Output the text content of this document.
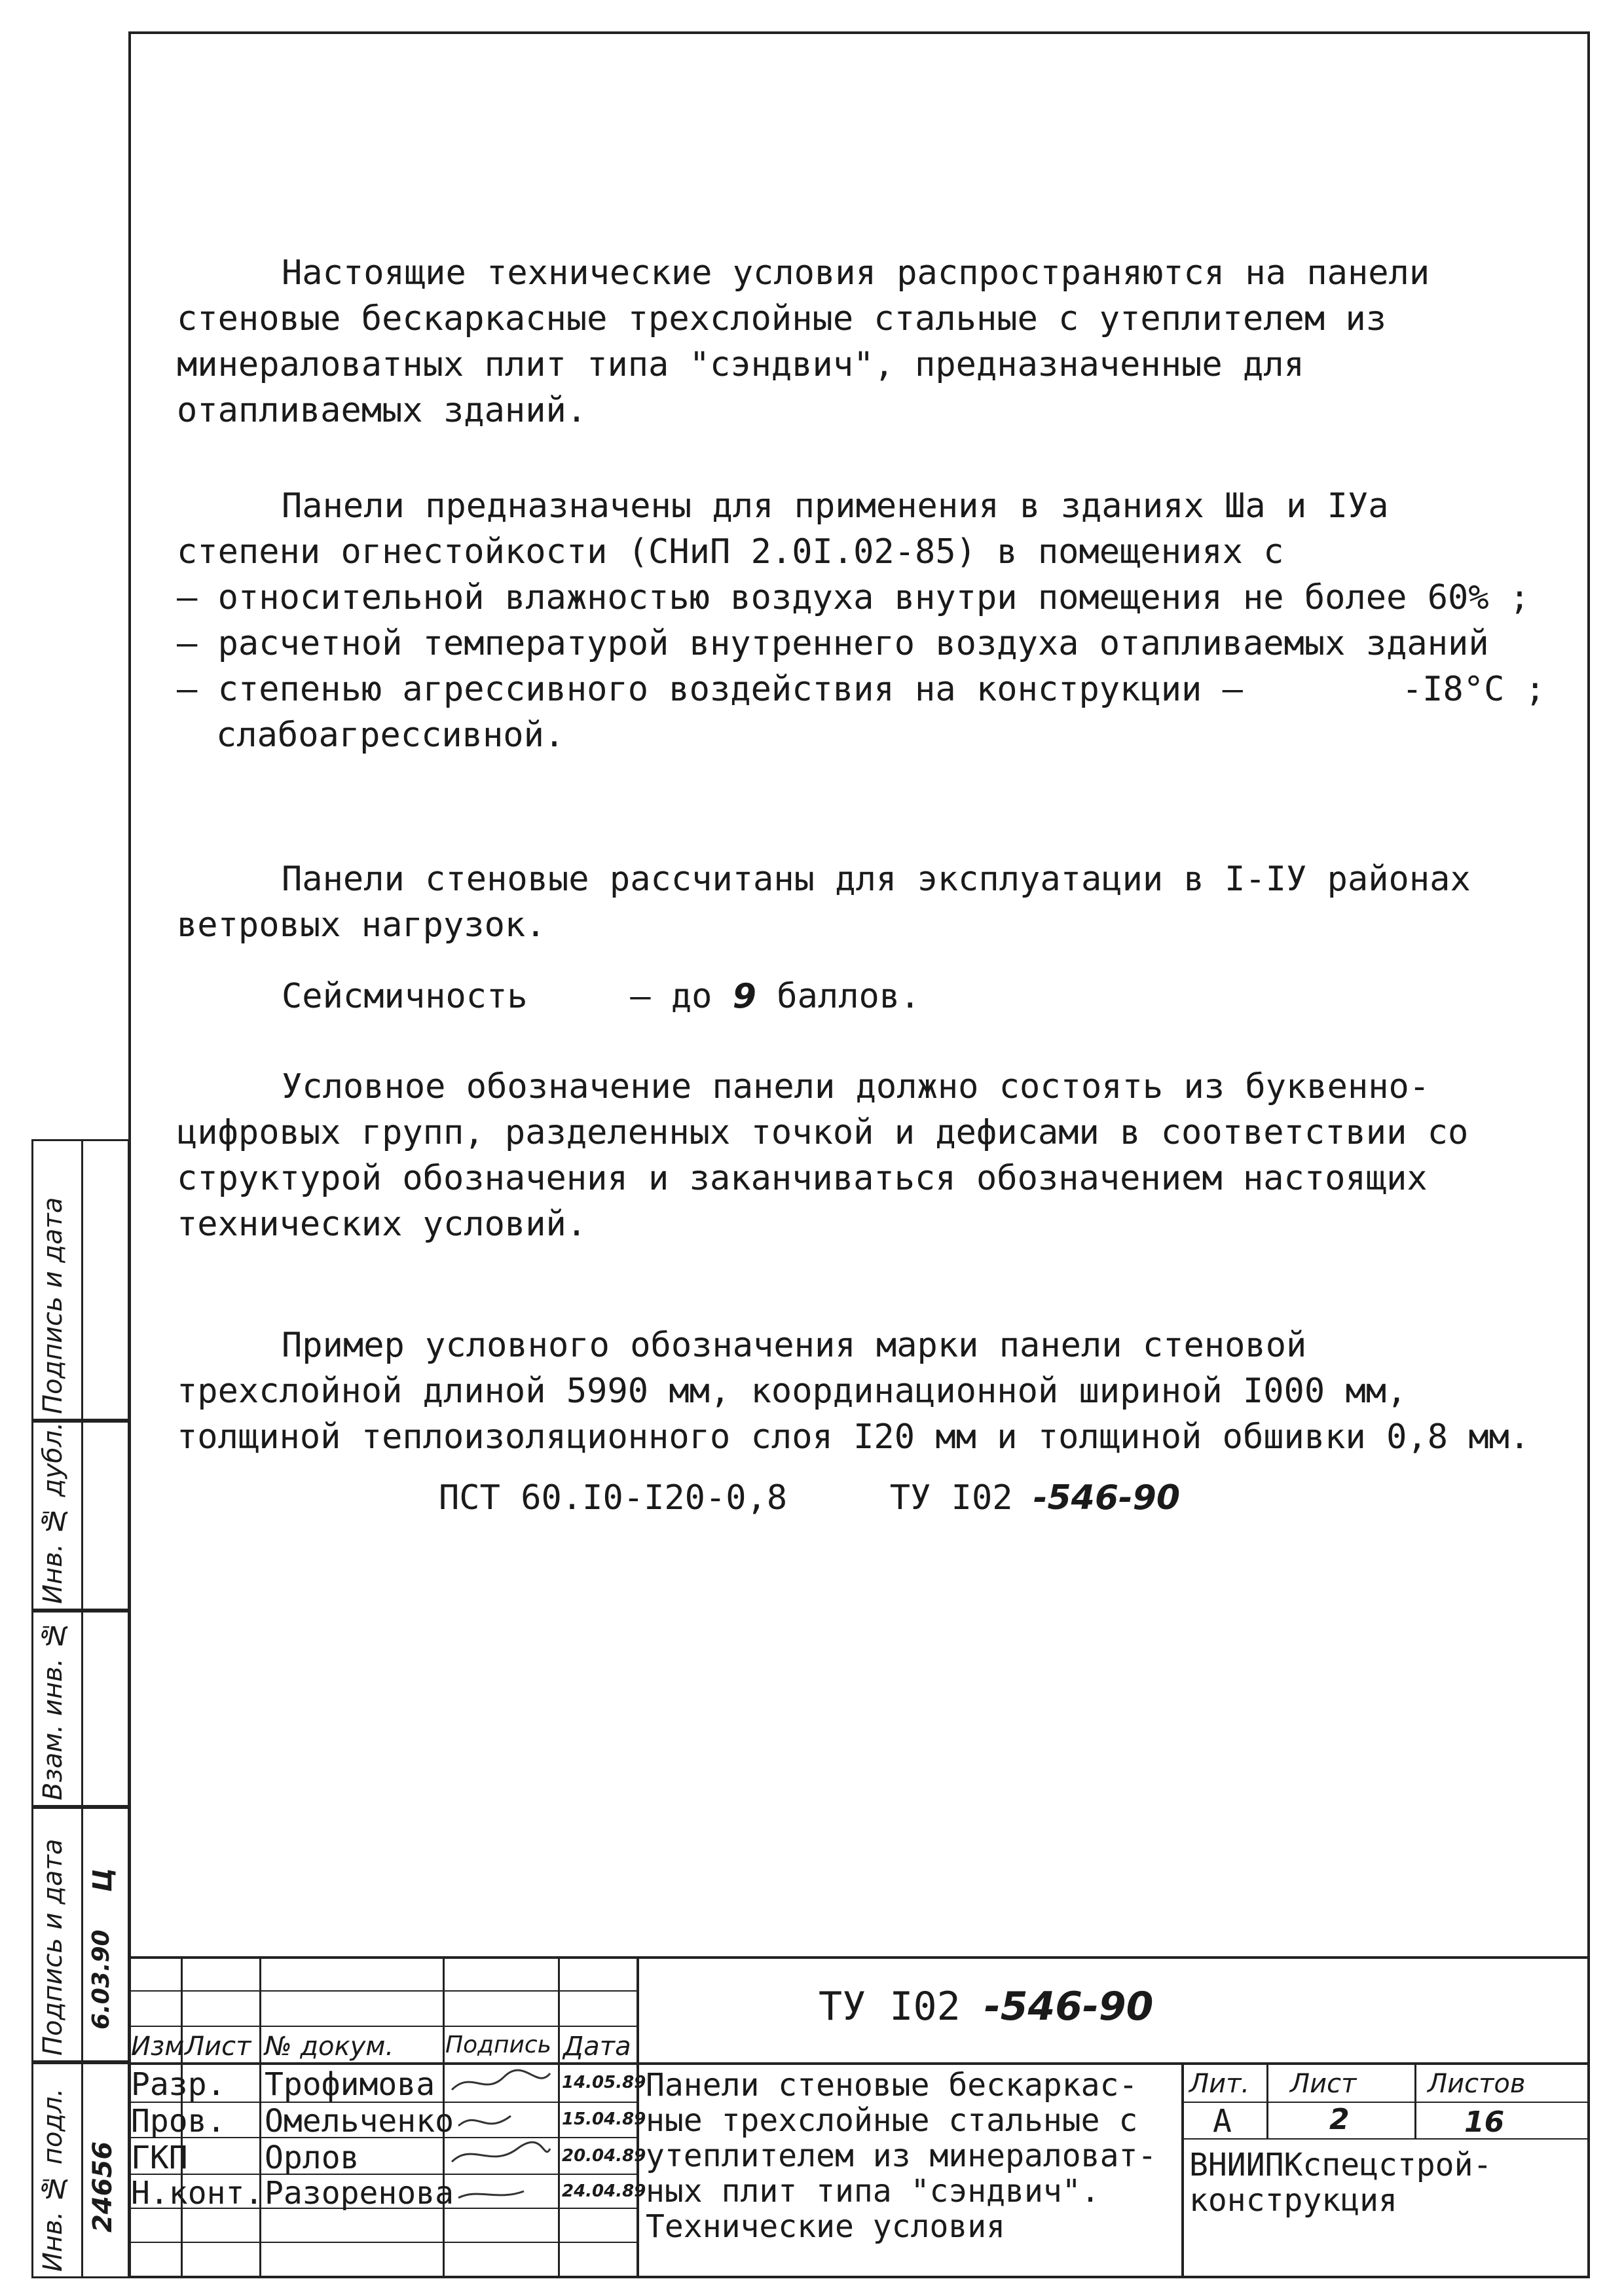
Настоящие технические условия распространяются на панели стеновые бескаркасные трехслойные стальные с утеплителем из минераловатных плит типа "сэндвич", предназначенные для отапливаемых зданий.

Панели предназначены для применения в зданиях Ша и IУа степени огнестойкости (СНиП 2.0I.02-85) в помещениях с

– относительной влажностью воздуха внутри помещения не более 60% ;

– расчетной температурой внутреннего воздуха отапливаемых зданий
-I8°C ;

– степенью агрессивного воздействия на конструкции – слабоагрессивной.

Панели стеновые рассчитаны для эксплуатации в I-IУ районах ветровых нагрузок.

Сейсмичность	– до 9 баллов.

Условное обозначение панели должно состоять из буквенно-цифровых групп, разделенных точкой и дефисами в соответствии со структурой обозначения и заканчиваться обозначением настоящих технических условий.

Пример условного обозначения марки панели стеновой трехслойной длиной 5990 мм, координационной шириной I000 мм, толщиной теплоизоляционного слоя I20 мм и толщиной обшивки 0,8 мм.

ПСТ 60.I0-I20-0,8	ТУ I02 -546-90

Подпись и дата
Инв. № дубл.
Взам. инв. №
Подпись и дата
Инв. № подл.
6.03.90
Ц
24656
ТУ I02 -546-90
Изм Лист № докум. Подпись Дата
Разр. Трофимова	14.05.89
Пров. Омельченко	15.04.89
ГКП Орлов	20.04.89
Н.конт. Разоренова	24.04.89
Панели стеновые бескаркас-
ные трехслойные стальные с
утеплителем из минераловат-
ных плит типа "сэндвич".
Технические условия
Лит. Лист	Листов
А	2	16
ВНИИПКспецстрой-
конструкция
